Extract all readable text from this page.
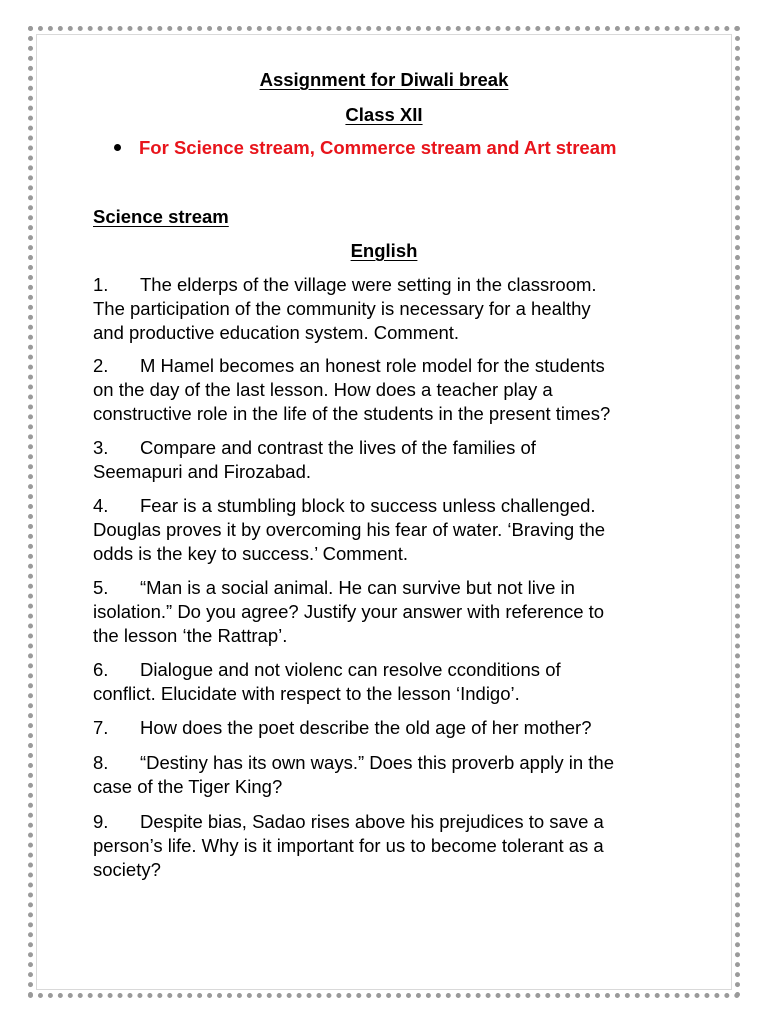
Assignment for Diwali break
Class XII
For Science stream, Commerce stream and Art stream
Science stream
English
1. The elderps of the village were setting in the classroom.
The participation of the community is necessary for a healthy
and productive education system. Comment.
2. M Hamel becomes an honest role model for the students
on the day of the last lesson. How does a teacher play a
constructive role in the life of the students in the present times?
3. Compare and contrast the lives of the families of
Seemapuri and Firozabad.
4. Fear is a stumbling block to success unless challenged.
Douglas proves it by overcoming his fear of water. ‘Braving the
odds is the key to success.’ Comment.
5. “Man is a social animal. He can survive but not live in
isolation.” Do you agree? Justify your answer with reference to
the lesson ‘the Rattrap’.
6. Dialogue and not violenc can resolve cconditions of
conflict. Elucidate with respect to the lesson ‘Indigo’.
7. How does the poet describe the old age of her mother?
8. “Destiny has its own ways.” Does this proverb apply in the
case of the Tiger King?
9. Despite bias, Sadao rises above his prejudices to save a
person’s life. Why is it important for us to become tolerant as a
society?
